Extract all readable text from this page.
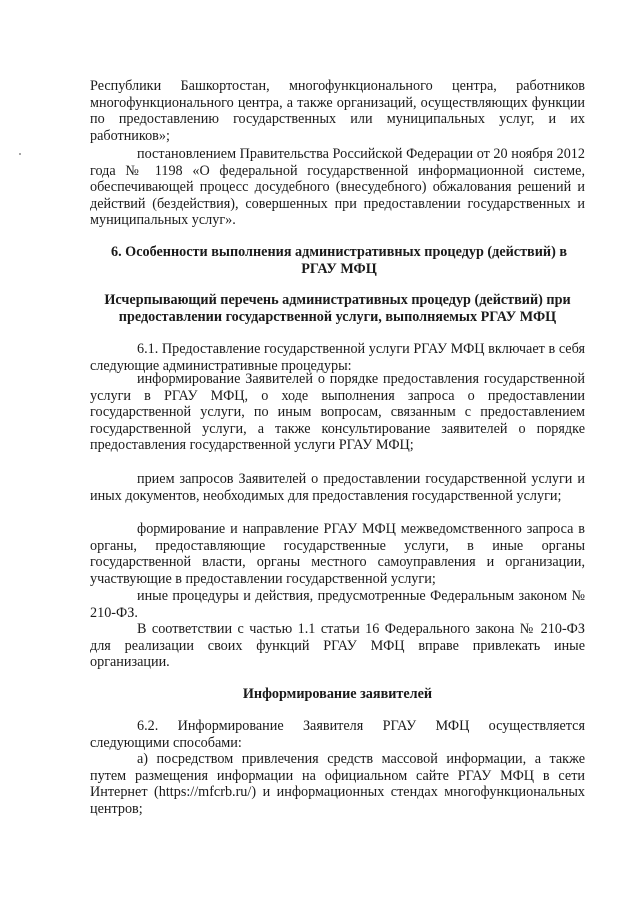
Республики Башкортостан, многофункционального центра, работников многофункционального центра, а также организаций, осуществляющих функции по предоставлению государственных или муниципальных услуг, и их работников»;

постановлением Правительства Российской Федерации от 20 ноября 2012 года № 1198 «О федеральной государственной информационной системе, обеспечивающей процесс досудебного (внесудебного) обжалования решений и действий (бездействия), совершенных при предоставлении государственных и муниципальных услуг».

6. Особенности выполнения административных процедур (действий) в РГАУ МФЦ

Исчерпывающий перечень административных процедур (действий) при предоставлении государственной услуги, выполняемых РГАУ МФЦ

6.1. Предоставление государственной услуги РГАУ МФЦ включает в себя следующие административные процедуры:

информирование Заявителей о порядке предоставления государственной услуги в РГАУ МФЦ, о ходе выполнения запроса о предоставлении государственной услуги, по иным вопросам, связанным с предоставлением государственной услуги, а также консультирование заявителей о порядке предоставления государственной услуги РГАУ МФЦ;

прием запросов Заявителей о предоставлении государственной услуги и иных документов, необходимых для предоставления государственной услуги;

формирование и направление РГАУ МФЦ межведомственного запроса в органы, предоставляющие государственные услуги, в иные органы государственной власти, органы местного самоуправления и организации, участвующие в предоставлении государственной услуги;

иные процедуры и действия, предусмотренные Федеральным законом № 210-ФЗ.

В соответствии с частью 1.1 статьи 16 Федерального закона № 210-ФЗ для реализации своих функций РГАУ МФЦ вправе привлекать иные организации.

Информирование заявителей

6.2. Информирование Заявителя РГАУ МФЦ осуществляется следующими способами:

а) посредством привлечения средств массовой информации, а также путем размещения информации на официальном сайте РГАУ МФЦ в сети Интернет (https://mfcrb.ru/) и информационных стендах многофункциональных центров;
